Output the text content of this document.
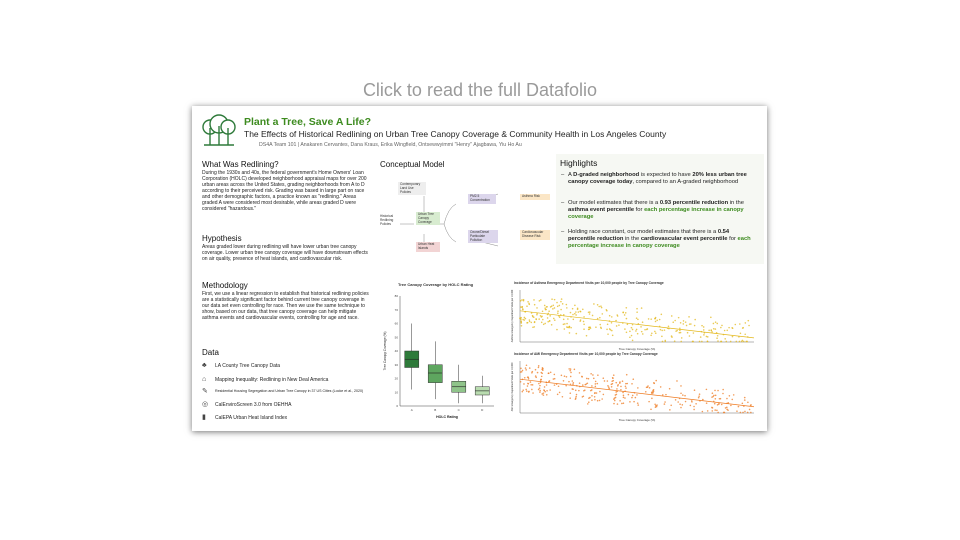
Click to read the full Datafolio
Plant a Tree, Save A Life?
The Effects of Historical Redlining on Urban Tree Canopy Coverage & Community Health in Los Angeles County
DS4A Team 101 | Anakaren Cervantes, Dana Kraus, Erika Wingfield, Ontsewwyimmi "Henry" Ajagbawa, Yiu Ho Au
What Was Redlining?
During the 1930s and 40s, the federal government's Home Owners' Loan Corporation (HOLC) developed neighborhood appraisal maps for over 200 urban areas across the United States, grading neighborhoods from A to D according to their perceived risk. Grading was based in large part on race and other demographic factors, a practice known as "redlining." Areas graded A were considered most desirable, while areas graded D were considered "hazardous."
Hypothesis
Areas graded lower during redlining will have lower urban tree canopy coverage. Lower urban tree canopy coverage will have downstream effects on air quality, presence of heat islands, and cardiovascular risk.
Methodology
First, we use a linear regression to establish that historical redlining policies are a statistically significant factor behind current tree canopy coverage in our data set even controlling for race. Then we use the same technique to show, based on our data, that tree canopy coverage can help mitigate asthma events and cardiovascular events, controlling for age and race.
Data
♣	LA County Tree Canopy Data
⌂	Mapping Inequality: Redlining in New Deal America
✎	Residential Housing Segregation and Urban Tree Canopy in 37 US Cities (Locke et al., 2020)
◎	CalEnviroScreen 3.0 from OEHHA
▮	CalEPA Urban Heat Island Index
Conceptual Model
Contemporary Land Use Policies
Historical Redlining Policies
Urban Tree Canopy Coverage
Urban Heat Islands
PM2.5 Concentration
Ozone/Diesel Particulate Pollution
Asthma Risk
Cardiovascular Disease Risk
Highlights
– A D-graded neighborhood is expected to have 20% less urban tree canopy coverage today, compared to an A-graded neighborhood
– Our model estimates that there is a 0.93 percentile reduction in the asthma event percentile for each percentage increase in canopy coverage
– Holding race constant, our model estimates that there is a 0.54 percentile reduction in the cardiovascular event percentile for each percentage increase in canopy coverage
Tree Canopy Coverage by HOLC Rating
0
10
20
30
40
50
60
70
80
A	B	C	D
HOLC Rating
Tree Canopy Coverage (%)
Incidence of Asthma Emergency Department Visits per 10,000 people by Tree Canopy Coverage
Tree Canopy Coverage (%)
Asthma Emergency Department Visits per 10,000
Incidence of AMI Emergency Department Visits per 10,000 people by Tree Canopy Coverage
Tree Canopy Coverage (%)
AMI Emergency Department Visits per 10,000
